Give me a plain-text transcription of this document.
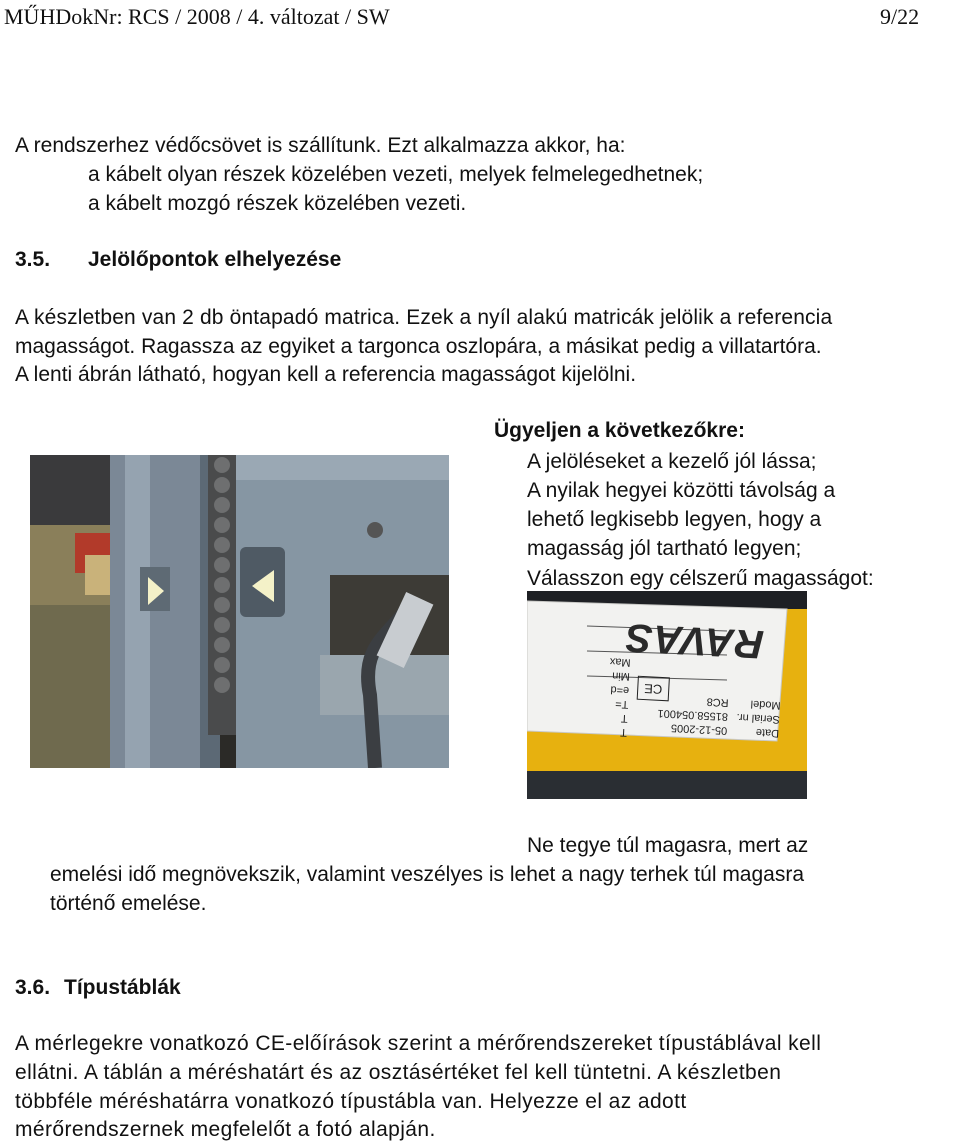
MŰHDokNr: RCS / 2008 / 4. változat / SW	9/22
A rendszerhez védőcsövet is szállítunk. Ezt alkalmazza akkor, ha:
a kábelt olyan részek közelében vezeti, melyek felmelegedhetnek;
a kábelt mozgó részek közelében vezeti.
3.5. Jelölőpontok elhelyezése
A készletben van 2 db öntapadó matrica. Ezek a nyíl alakú matricák jelölik a referencia
magasságot. Ragassza az egyiket a targonca oszlopára, a másikat pedig a villatartóra.
A lenti ábrán látható, hogyan kell a referencia magasságot kijelölni.
Ügyeljen a következőkre:
A jelöléseket a kezelő jól lássa;
A nyilak hegyei közötti távolság a
lehető legkisebb legyen, hogy a
magasság jól tartható legyen;
Válasszon egy célszerű magasságot:
RAVAS
Model
RC8
Serial nr.
81558.054001
Date
05-12-2005
T
T
T=
e=d
Min
Max
CE
Ne tegye túl magasra, mert az
emelési idő megnövekszik, valamint veszélyes is lehet a nagy terhek túl magasra
történő emelése.
3.6. Típustáblák
A mérlegekre vonatkozó CE-előírások szerint a mérőrendszereket típustáblával kell
ellátni. A táblán a méréshatárt és az osztásértéket fel kell tüntetni. A készletben
többféle méréshatárra vonatkozó típustábla van. Helyezze el az adott
mérőrendszernek megfelelőt a fotó alapján.
